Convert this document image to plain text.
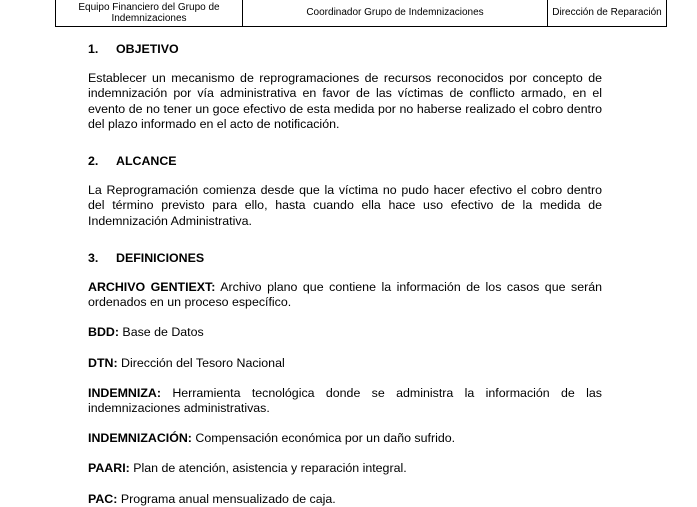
Equipo Financiero del Grupo de Indemnizaciones	Coordinador Grupo de Indemnizaciones	Dirección de Reparación
1.	OBJETIVO

Establecer un mecanismo de reprogramaciones de recursos reconocidos por concepto de indemnización por vía administrativa en favor de las víctimas de conflicto armado, en el evento de no tener un goce efectivo de esta medida por no haberse realizado el cobro dentro del plazo informado en el acto de notificación.

2.	ALCANCE

La Reprogramación comienza desde que la víctima no pudo hacer efectivo el cobro dentro del término previsto para ello, hasta cuando ella hace uso efectivo de la medida de Indemnización Administrativa.

3.	DEFINICIONES

ARCHIVO GENTIEXT: Archivo plano que contiene la información de los casos que serán ordenados en un proceso específico.

BDD: Base de Datos

DTN: Dirección del Tesoro Nacional

INDEMNIZA: Herramienta tecnológica donde se administra la información de las indemnizaciones administrativas.

INDEMNIZACIÓN: Compensación económica por un daño sufrido.

PAARI: Plan de atención, asistencia y reparación integral.

PAC: Programa anual mensualizado de caja.
